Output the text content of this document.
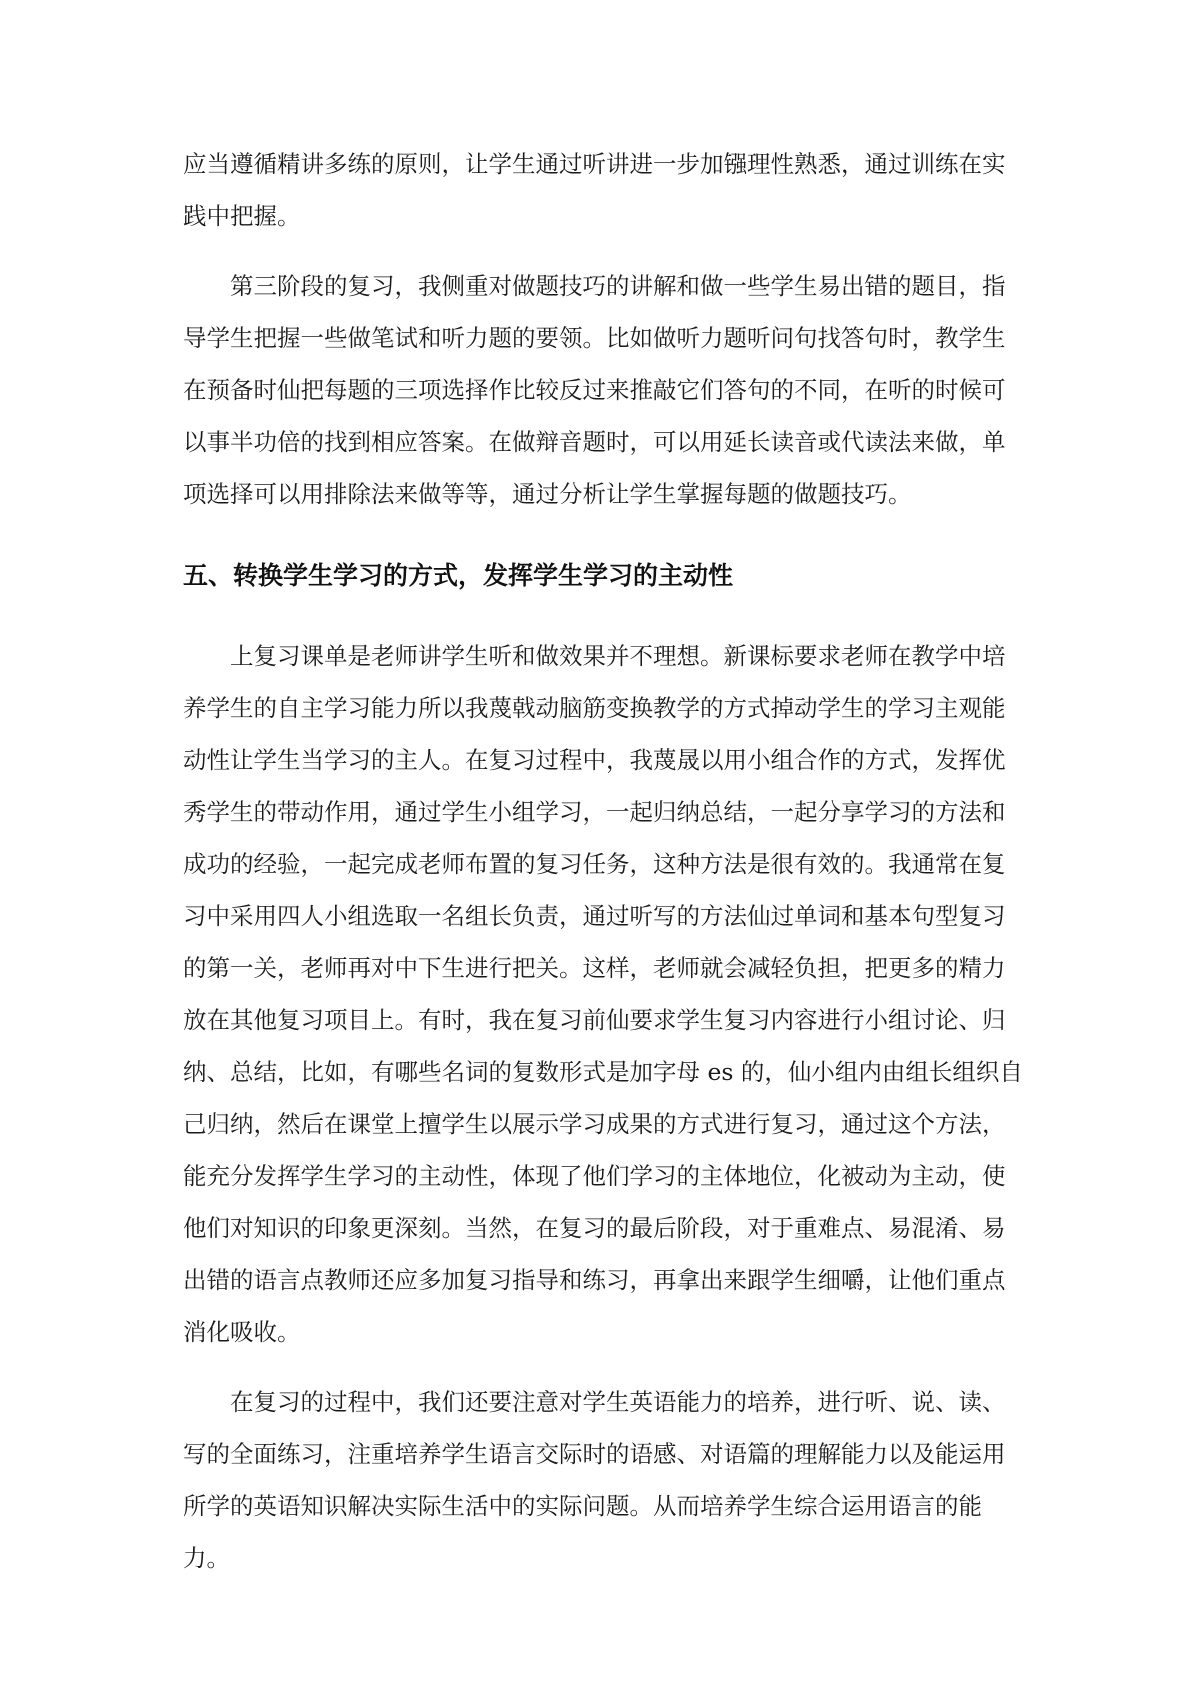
应当遵循精讲多练的原则，让学生通过听讲进一步加镪理性熟悉，通过训练在实践中把握。

第三阶段的复习，我侧重对做题技巧的讲解和做一些学生易出错的题目，指导学生把握一些做笔试和听力题的要领。比如做听力题听问句找答句时，教学生在预备时仙把每题的三项选择作比较反过来推敲它们答句的不同，在听的时候可以事半功倍的找到相应答案。在做辩音题时，可以用延长读音或代读法来做，单项选择可以用排除法来做等等，通过分析让学生掌握每题的做题技巧。

五、转换学生学习的方式，发挥学生学习的主动性

上复习课单是老师讲学生听和做效果并不理想。新课标要求老师在教学中培养学生的自主学习能力所以我蔑戟动脑筋变换教学的方式掉动学生的学习主观能动性让学生当学习的主人。在复习过程中，我蔑晟以用小组合作的方式，发挥优秀学生的带动作用，通过学生小组学习，一起归纳总结，一起分享学习的方法和成功的经验，一起完成老师布置的复习任务，这种方法是很有效的。我通常在复习中采用四人小组选取一名组长负责，通过听写的方法仙过单词和基本句型复习的第一关，老师再对中下生进行把关。这样，老师就会减轻负担，把更多的精力放在其他复习项目上。有时，我在复习前仙要求学生复习内容进行小组讨论、归纳、总结，比如，有哪些名词的复数形式是加字母 es 的，仙小组内由组长组织自己归纳，然后在课堂上擅学生以展示学习成果的方式进行复习，通过这个方法，能充分发挥学生学习的主动性，体现了他们学习的主体地位，化被动为主动，使他们对知识的印象更深刻。当然，在复习的最后阶段，对于重难点、易混淆、易出错的语言点教师还应多加复习指导和练习，再拿出来跟学生细嚼，让他们重点消化吸收。

在复习的过程中，我们还要注意对学生英语能力的培养，进行听、说、读、写的全面练习，注重培养学生语言交际时的语感、对语篇的理解能力以及能运用所学的英语知识解决实际生活中的实际问题。从而培养学生综合运用语言的能力。
